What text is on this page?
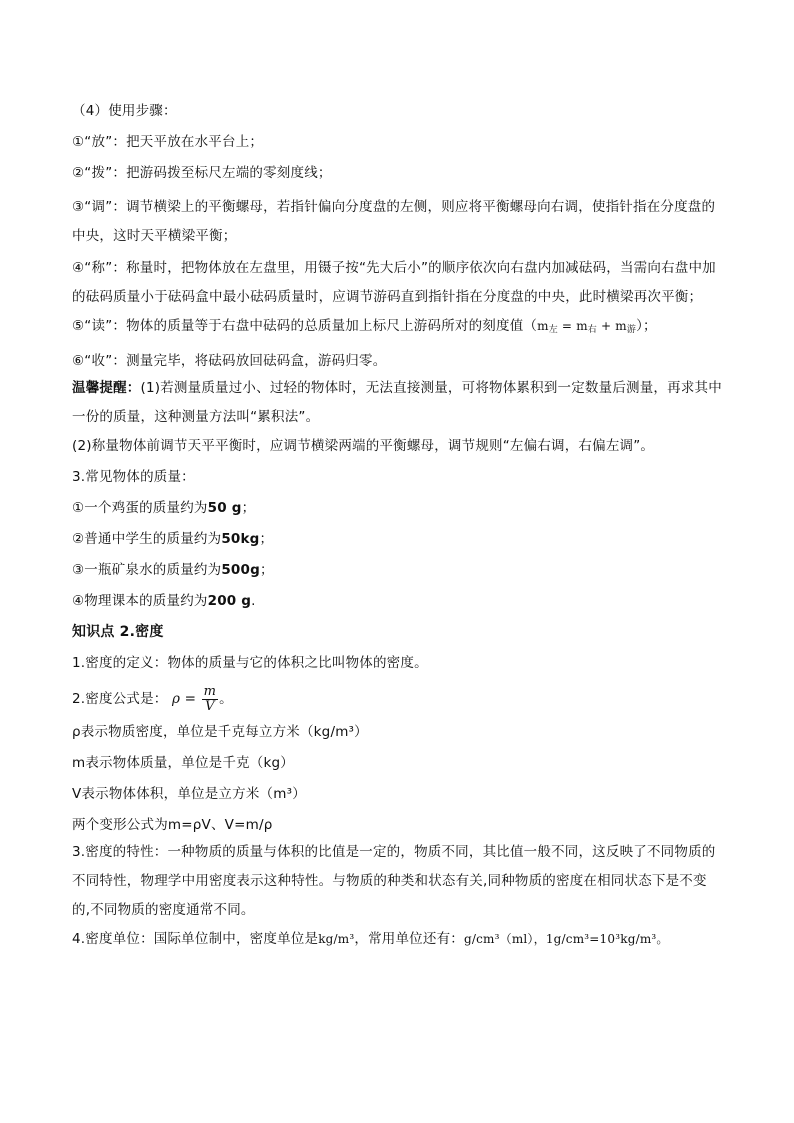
（4）使用步骤：
①“放”：把天平放在水平台上；
②“拨”：把游码拨至标尺左端的零刻度线；
③“调”：调节横梁上的平衡螺母，若指针偏向分度盘的左侧，则应将平衡螺母向右调，使指针指在分度盘的中央，这时天平横梁平衡；
④“称”：称量时，把物体放在左盘里，用镊子按“先大后小”的顺序依次向右盘内加减砝码，当需向右盘中加的砝码质量小于砝码盒中最小砝码质量时，应调节游码直到指针指在分度盘的中央，此时横梁再次平衡；
⑤“读”：物体的质量等于右盘中砝码的总质量加上标尺上游码所对的刻度值$(m_左 = m_右 + m_游)$；
⑥“收”：测量完毕，将砝码放回砝码盒，游码归零。
温馨提醒：(1)若测量质量过小、过轻的物体时，无法直接测量，可将物体累积到一定数量后测量，再求其中一份的质量，这种测量方法叫“累积法”。
(2)称量物体前调节天平平衡时，应调节横梁两端的平衡螺母，调节规则“左偏右调，右偏左调”。
3.常见物体的质量：
①一个鸡蛋的质量约为50 g；
②普通中学生的质量约为50kg；
③一瓶矿泉水的质量约为500g；
④物理课本的质量约为200 g.
知识点 2.密度
1.密度的定义：物体的质量与它的体积之比叫物体的密度。
2.密度公式是： $\rho = \frac{m}{V}$ 。
ρ表示物质密度，单位是千克每立方米（kg/m³）
m表示物体质量，单位是千克（kg）
V表示物体体积，单位是立方米（m³）
两个变形公式为m=ρV、V=m/ρ
3.密度的特性：一种物质的质量与体积的比值是一定的，物质不同，其比值一般不同，这反映了不同物质的不同特性，物理学中用密度表示这种特性。与物质的种类和状态有关,同种物质的密度在相同状态下是不变的,不同物质的密度通常不同。
4.密度单位：国际单位制中，密度单位是kg/m³，常用单位还有：g/cm³（ml），1g/cm³=10³kg/m³。
